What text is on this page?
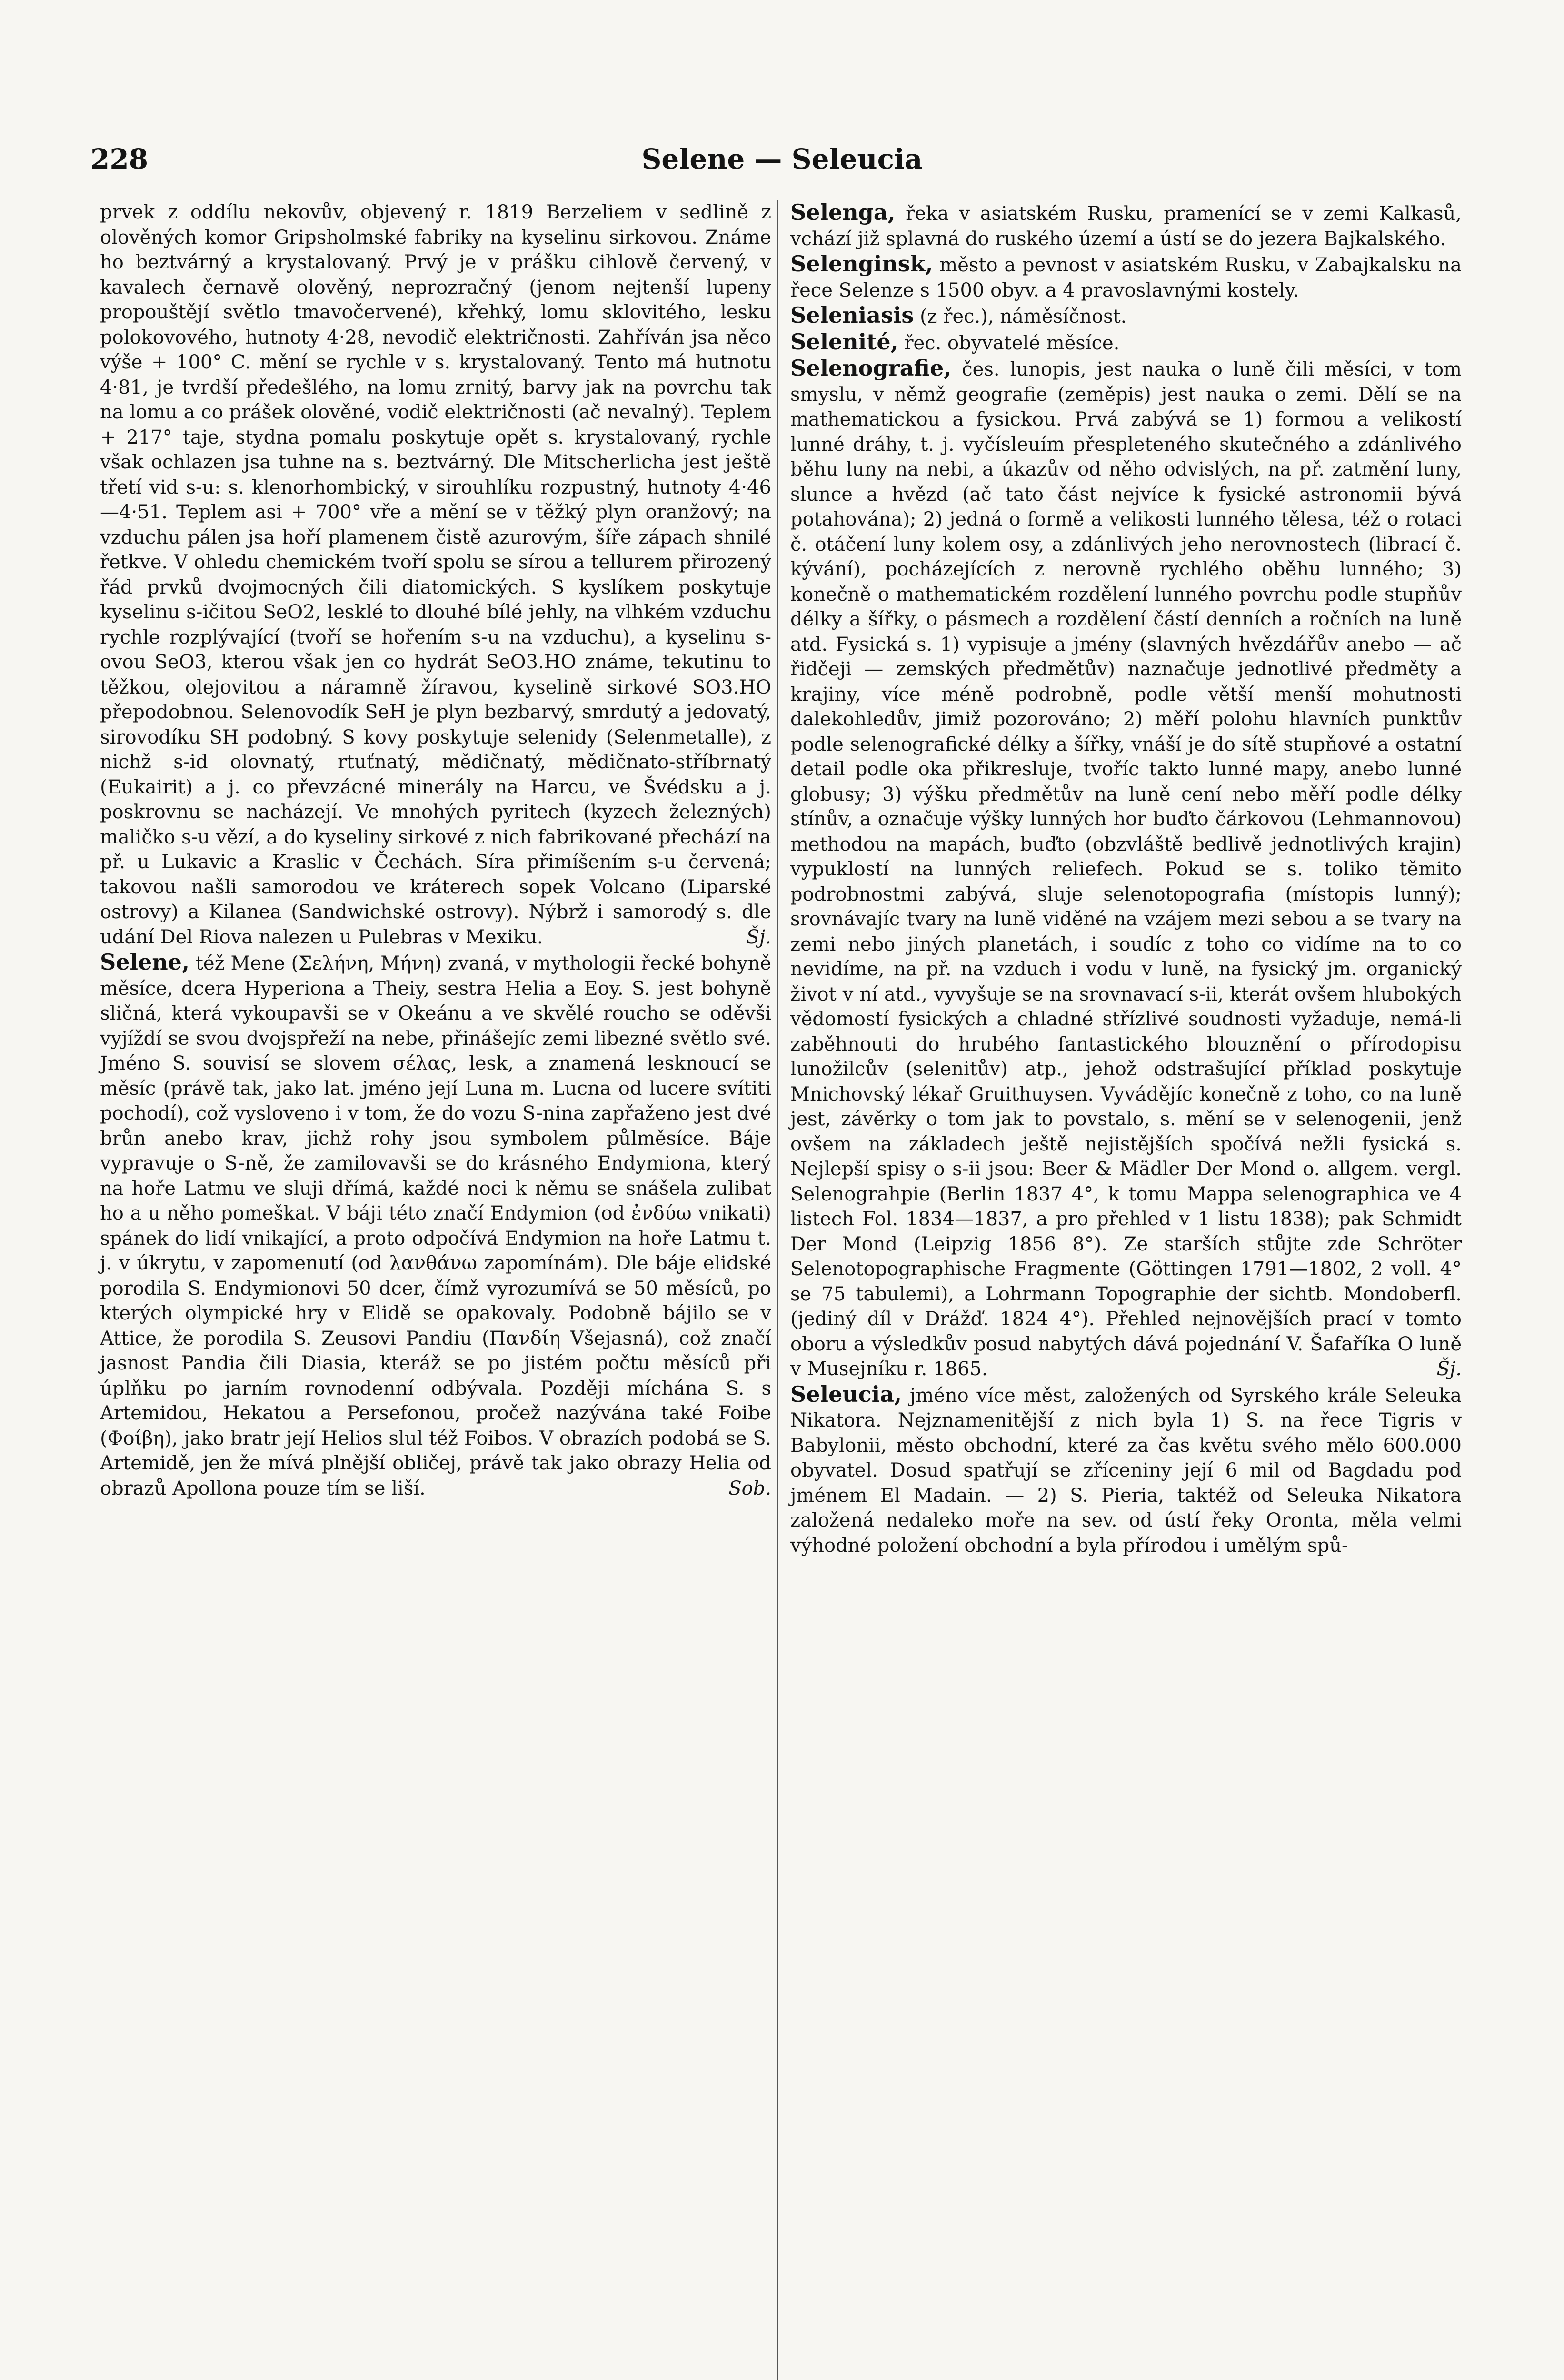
228	Selene — Seleucia

prvek z oddílu nekovův, objevený r. 1819 Berzeliem v sedlině z olověných komor Gripsholmské fabriky na kyselinu sirkovou. Známe ho beztvárný a krystalovaný. Prvý je v prášku cihlově červený, v kavalech černavě olověný, neprozračný (jenom nejtenší lupeny propouštějí světlo tmavočervené), křehký, lomu sklovitého, lesku polokovového, hutnoty 4·28, nevodič električnosti. Zahříván jsa něco výše + 100° C. mění se rychle v s. krystalovaný. Tento má hutnotu 4·81, je tvrdší předešlého, na lomu zrnitý, barvy jak na povrchu tak na lomu a co prášek olověné, vodič električnosti (ač nevalný). Teplem + 217° taje, stydna pomalu poskytuje opět s. krystalovaný, rychle však ochlazen jsa tuhne na s. beztvárný. Dle Mitscherlicha jest ještě třetí vid s-u: s. klenorhombický, v sirouhlíku rozpustný, hutnoty 4·46—4·51. Teplem asi + 700° vře a mění se v těžký plyn oranžový; na vzduchu pálen jsa hoří plamenem čistě azurovým, šíře zápach shnilé řetkve. V ohledu chemickém tvoří spolu se sírou a tellurem přirozený řád prvků dvojmocných čili diatomických. S kyslíkem poskytuje kyselinu s-ičitou SeO2, lesklé to dlouhé bílé jehly, na vlhkém vzduchu rychle rozplývající (tvoří se hořením s-u na vzduchu), a kyselinu s-ovou SeO3, kterou však jen co hydrát SeO3.HO známe, tekutinu to těžkou, olejovitou a náramně žíravou, kyselině sirkové SO3.HO přepodobnou. Selenovodík SeH je plyn bezbarvý, smrdutý a jedovatý, sirovodíku SH podobný. S kovy poskytuje selenidy (Selenmetalle), z nichž s-id olovnatý, rtuťnatý, mědičnatý, mědičnato-stříbrnatý (Eukairit) a j. co převzácné minerály na Harcu, ve Švédsku a j. poskrovnu se nacházejí. Ve mnohých pyritech (kyzech železných) maličko s-u vězí, a do kyseliny sirkové z nich fabrikované přechází na př. u Lukavic a Kraslic v Čechách. Síra přimíšením s-u červená; takovou našli samorodou ve kráterech sopek Volcano (Liparské ostrovy) a Kilanea (Sandwichské ostrovy). Nýbrž i samorodý s. dle udání Del Riova nalezen u Pulebras v Mexiku.	Šj.

Selene, též Mene (Σελήνη, Μήνη) zvaná, v mythologii řecké bohyně měsíce, dcera Hyperiona a Theiy, sestra Helia a Eoy. S. jest bohyně sličná, která vykoupavši se v Okeánu a ve skvělé roucho se oděvši vyjíždí se svou dvojspřeží na nebe, přinášejíc zemi libezné světlo své. Jméno S. souvisí se slovem σέλας, lesk, a znamená lesknoucí se měsíc (právě tak, jako lat. jméno její Luna m. Lucna od lucere svítiti pochodí), což vysloveno i v tom, že do vozu S-nina zapřaženo jest dvé brůn anebo krav, jichž rohy jsou symbolem půlměsíce. Báje vypravuje o S-ně, že zamilovavši se do krásného Endymiona, který na hoře Latmu ve sluji dřímá, každé noci k němu se snášela zulibat ho a u něho pomeškat. V báji této značí Endymion (od ἐνδύω vnikati) spánek do lidí vnikající, a proto odpočívá Endymion na hoře Latmu t. j. v úkrytu, v zapomenutí (od λανθάνω zapomínám). Dle báje elidské porodila S. Endymionovi 50 dcer, čímž vyrozumívá se 50 měsíců, po kterých olympické hry v Elidě se opakovaly. Podobně bájilo se v Attice, že porodila S. Zeusovi Pandiu (Πανδίη Všejasná), což značí jasnost Pandia čili Diasia, kteráž se po jistém počtu měsíců při úplňku po jarním rovnodenní odbývala. Později míchána S. s Artemidou, Hekatou a Persefonou, pročež nazývána také Foibe (Φοίβη), jako bratr její Helios slul též Foibos. V obrazích podobá se S. Artemidě, jen že mívá plnější obličej, právě tak jako obrazy Helia od obrazů Apollona pouze tím se liší.	Sob.

Selenga, řeka v asiatském Rusku, pramenící se v zemi Kalkasů, vchází již splavná do ruského území a ústí se do jezera Bajkalského.

Selenginsk, město a pevnost v asiatském Rusku, v Zabajkalsku na řece Selenze s 1500 obyv. a 4 pravoslavnými kostely.

Seleniasis (z řec.), náměsíčnost.

Selenité, řec. obyvatelé měsíce.

Selenografie, čes. lunopis, jest nauka o luně čili měsíci, v tom smyslu, v němž geografie (zeměpis) jest nauka o zemi. Dělí se na mathematickou a fysickou. Prvá zabývá se 1) formou a velikostí lunné dráhy, t. j. vyčísleuím přespleteného skutečného a zdánlivého běhu luny na nebi, a úkazův od něho odvislých, na př. zatmění luny, slunce a hvězd (ač tato část nejvíce k fysické astronomii bývá potahována); 2) jedná o formě a velikosti lunného tělesa, též o rotaci č. otáčení luny kolem osy, a zdánlivých jeho nerovnostech (librací č. kývání), pocházejících z nerovně rychlého oběhu lunného; 3) konečně o mathematickém rozdělení lunného povrchu podle stupňův délky a šířky, o pásmech a rozdělení částí denních a ročních na luně atd. Fysická s. 1) vypisuje a jmény (slavných hvězdářův anebo — ač řidčeji — zemských předmětův) naznačuje jednotlivé předměty a krajiny, více méně podrobně, podle větší menší mohutnosti dalekohledův, jimiž pozorováno; 2) měří polohu hlavních punktův podle selenografické délky a šířky, vnáší je do sítě stupňové a ostatní detail podle oka přikresluje, tvoříc takto lunné mapy, anebo lunné globusy; 3) výšku předmětův na luně cení nebo měří podle délky stínův, a označuje výšky lunných hor buďto čárkovou (Lehmannovou) methodou na mapách, buďto (obzvláště bedlivě jednotlivých krajin) vypuklostí na lunných reliefech. Pokud se s. toliko těmito podrobnostmi zabývá, sluje selenotopografia (místopis lunný); srovnávajíc tvary na luně viděné na vzájem mezi sebou a se tvary na zemi nebo jiných planetách, i soudíc z toho co vidíme na to co nevidíme, na př. na vzduch i vodu v luně, na fysický jm. organický život v ní atd., vyvyšuje se na srovnavací s-ii, kterát ovšem hlubokých vědomostí fysických a chladné střízlivé soudnosti vyžaduje, nemá-li zaběhnouti do hrubého fantastického blouznění o přírodopisu lunožilcův (selenitův) atp., jehož odstrašující příklad poskytuje Mnichovský lékař Gruithuysen. Vyvádějíc konečně z toho, co na luně jest, závěrky o tom jak to povstalo, s. mění se v selenogenii, jenž ovšem na základech ještě nejistějších spočívá nežli fysická s. Nejlepší spisy o s-ii jsou: Beer & Mädler Der Mond o. allgem. vergl. Selenograhpie (Berlin 1837 4°, k tomu Mappa selenographica ve 4 listech Fol. 1834—1837, a pro přehled v 1 listu 1838); pak Schmidt Der Mond (Leipzig 1856 8°). Ze starších stůjte zde Schröter Selenotopographische Fragmente (Göttingen 1791—1802, 2 voll. 4° se 75 tabulemi), a Lohrmann Topographie der sichtb. Mondoberfl. (jediný díl v Drážď. 1824 4°). Přehled nejnovějších prací v tomto oboru a výsledkův posud nabytých dává pojednání V. Šafaříka O luně v Musejníku r. 1865.	Šj.

Seleucia, jméno více měst, založených od Syrského krále Seleuka Nikatora. Nejznamenitější z nich byla 1) S. na řece Tigris v Babylonii, město obchodní, které za čas květu svého mělo 600.000 obyvatel. Dosud spatřují se zříceniny její 6 mil od Bagdadu pod jménem El Madain. — 2) S. Pieria, taktéž od Seleuka Nikatora založená nedaleko moře na sev. od ústí řeky Oronta, měla velmi výhodné položení obchodní a byla přírodou i umělým spů-
